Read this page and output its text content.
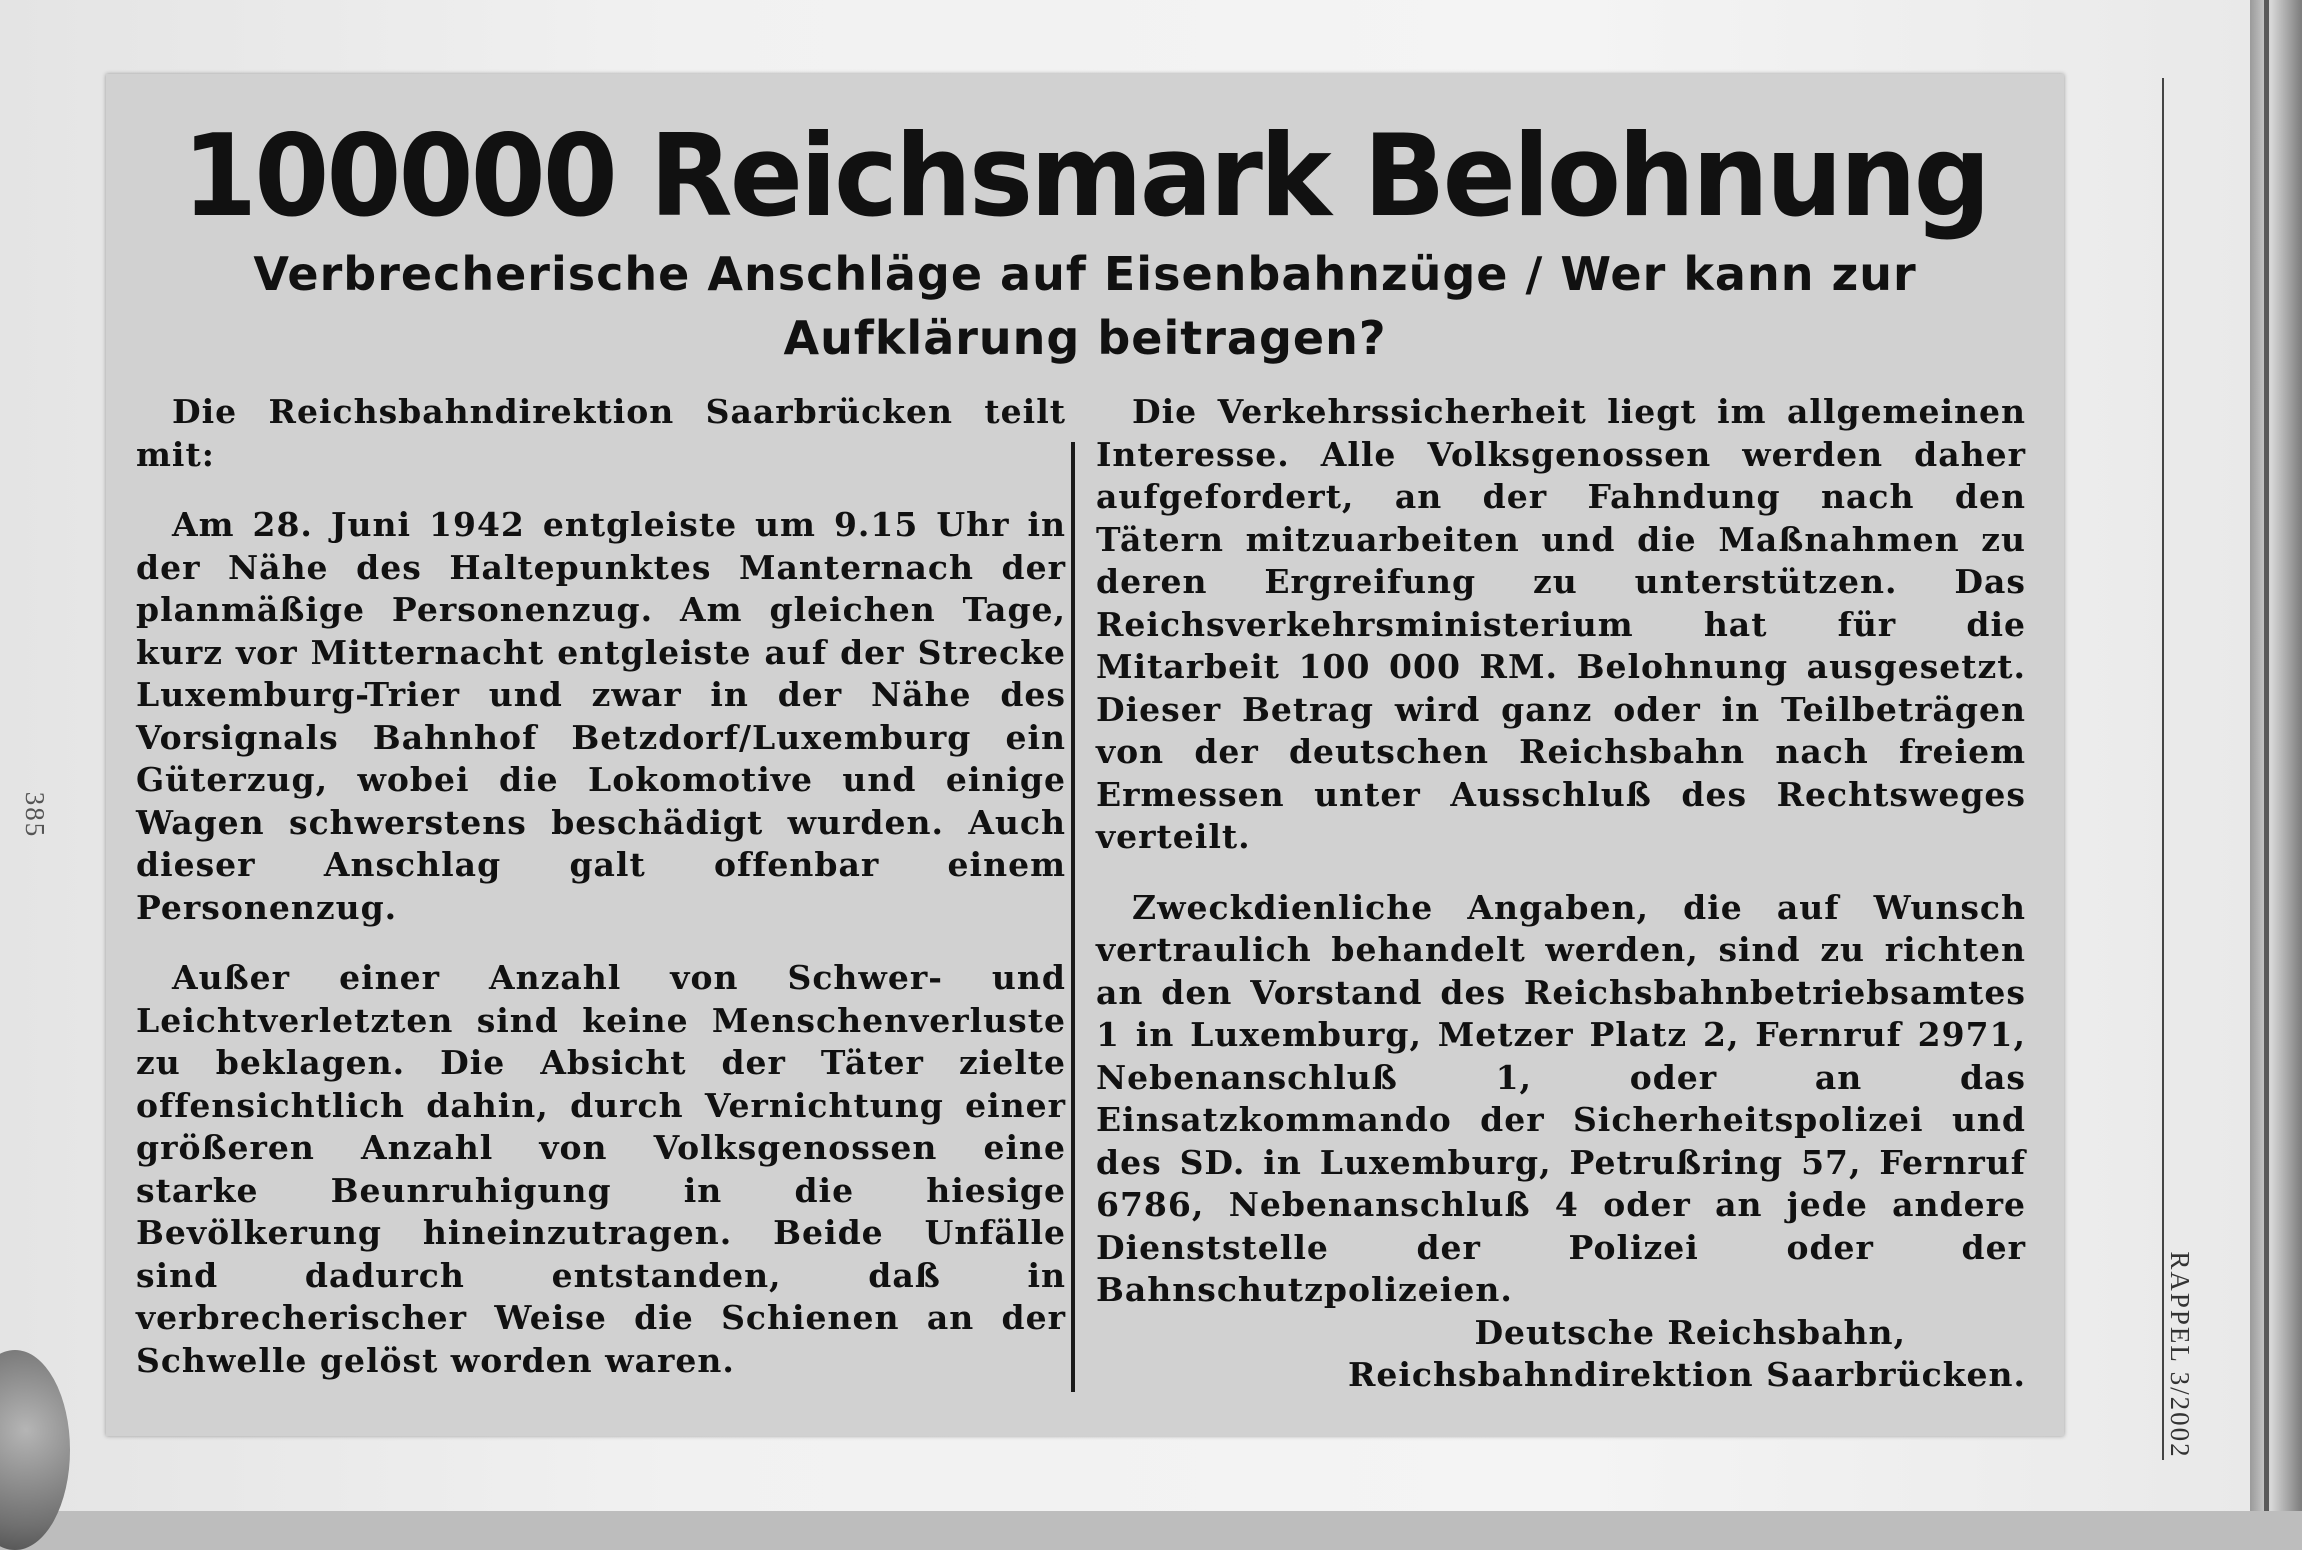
385
RAPPEL 3/2002
100000 Reichsmark Belohnung
Verbrecherische Anschläge auf Eisenbahnzüge / Wer kann zur Aufklärung beitragen?

Die Reichsbahndirektion Saarbrücken teilt mit:

Am 28. Juni 1942 entgleiste um 9.15 Uhr in der Nähe des Haltepunktes Manternach der planmäßige Personenzug. Am gleichen Tage, kurz vor Mitternacht entgleiste auf der Strecke Luxemburg-Trier und zwar in der Nähe des Vorsignals Bahnhof Betzdorf/Luxemburg ein Güterzug, wobei die Lokomotive und einige Wagen schwerstens beschädigt wurden. Auch dieser Anschlag galt offenbar einem Personenzug.

Außer einer Anzahl von Schwer- und Leichtverletzten sind keine Menschenverluste zu beklagen. Die Absicht der Täter zielte offensichtlich dahin, durch Vernichtung einer größeren Anzahl von Volksgenossen eine starke Beunruhigung in die hiesige Bevölkerung hineinzutragen. Beide Unfälle sind dadurch entstanden, daß in verbrecherischer Weise die Schienen an der Schwelle gelöst worden waren.

Die Verkehrssicherheit liegt im allgemeinen Interesse. Alle Volksgenossen werden daher aufgefordert, an der Fahndung nach den Tätern mitzuarbeiten und die Maßnahmen zu deren Ergreifung zu unterstützen. Das Reichsverkehrsministerium hat für die Mitarbeit 100 000 RM. Belohnung ausgesetzt. Dieser Betrag wird ganz oder in Teilbeträgen von der deutschen Reichsbahn nach freiem Ermessen unter Ausschluß des Rechtsweges verteilt.

Zweckdienliche Angaben, die auf Wunsch vertraulich behandelt werden, sind zu richten an den Vorstand des Reichsbahnbetriebsamtes 1 in Luxemburg, Metzer Platz 2, Fernruf 2971, Nebenanschluß 1, oder an das Einsatzkommando der Sicherheitspolizei und des SD. in Luxemburg, Petrußring 57, Fernruf 6786, Nebenanschluß 4 oder an jede andere Dienststelle der Polizei oder der Bahnschutzpolizeien.

Deutsche Reichsbahn,

Reichsbahndirektion Saarbrücken.
